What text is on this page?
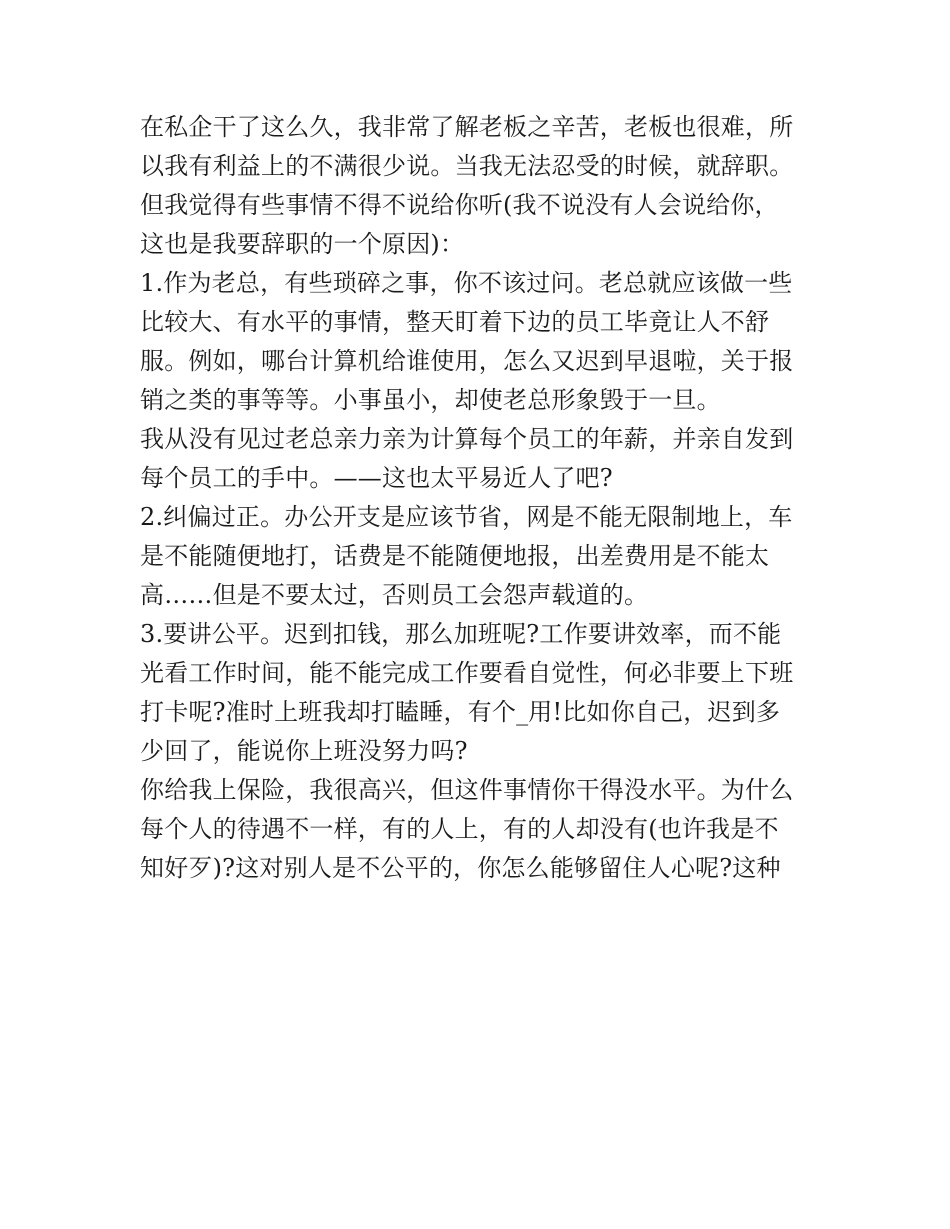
在私企干了这么久，我非常了解老板之辛苦，老板也很难，所
以我有利益上的不满很少说。当我无法忍受的时候，就辞职。
但我觉得有些事情不得不说给你听(我不说没有人会说给你，
这也是我要辞职的一个原因)：
1.作为老总，有些琐碎之事，你不该过问。老总就应该做一些
比较大、有水平的事情，整天盯着下边的员工毕竟让人不舒
服。例如，哪台计算机给谁使用，怎么又迟到早退啦，关于报
销之类的事等等。小事虽小，却使老总形象毁于一旦。
我从没有见过老总亲力亲为计算每个员工的年薪，并亲自发到
每个员工的手中。——这也太平易近人了吧?
2.纠偏过正。办公开支是应该节省，网是不能无限制地上，车
是不能随便地打，话费是不能随便地报，出差费用是不能太
高……但是不要太过，否则员工会怨声载道的。
3.要讲公平。迟到扣钱，那么加班呢?工作要讲效率，而不能
光看工作时间，能不能完成工作要看自觉性，何必非要上下班
打卡呢?准时上班我却打瞌睡，有个_用!比如你自己，迟到多
少回了，能说你上班没努力吗?
你给我上保险，我很高兴，但这件事情你干得没水平。为什么
每个人的待遇不一样，有的人上，有的人却没有(也许我是不
知好歹)?这对别人是不公平的，你怎么能够留住人心呢?这种
